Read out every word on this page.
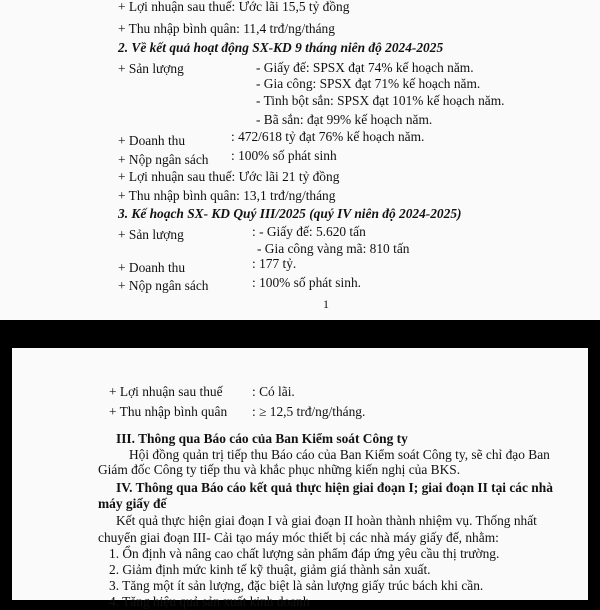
+ Lợi nhuận sau thuế: Ước lãi 15,5 tỷ đồng
+ Thu nhập bình quân: 11,4 trđ/ng/tháng
2. Về kết quả hoạt động SX-KD 9 tháng niên độ 2024-2025
+ Sản lượng	- Giấy đế: SPSX đạt 74% kế hoạch năm.
- Gia công: SPSX đạt 71% kế hoạch năm.
- Tinh bột sắn: SPSX đạt 101% kế hoạch năm.
- Bã sắn: đạt 99% kế hoạch năm.
+ Doanh thu	: 472/618 tỷ đạt 76% kế hoạch năm.
+ Nộp ngân sách : 100% số phát sinh
+ Lợi nhuận sau thuế: Ước lãi 21 tỷ đồng
+ Thu nhập bình quân: 13,1 trđ/ng/tháng
3. Kế hoạch SX- KD Quý III/2025 (quý IV niên độ 2024-2025)
+ Sản lượng	: - Giấy đế: 5.620 tấn
- Gia công vàng mã: 810 tấn
+ Doanh thu	: 177 tỷ.
+ Nộp ngân sách	: 100% số phát sinh.
1
+ Lợi nhuận sau thuế : Có lãi.
+ Thu nhập bình quân : ≥ 12,5 trđ/ng/tháng.
III. Thông qua Báo cáo của Ban Kiểm soát Công ty
Hội đồng quản trị tiếp thu Báo cáo của Ban Kiểm soát Công ty, sẽ chỉ đạo Ban
Giám đốc Công ty tiếp thu và khắc phục những kiến nghị của BKS.
IV. Thông qua Báo cáo kết quả thực hiện giai đoạn I; giai đoạn II tại các nhà
máy giấy đế
Kết quả thực hiện giai đoạn I và giai đoạn II hoàn thành nhiệm vụ. Thống nhất
chuyển giai đoạn III- Cải tạo máy móc thiết bị các nhà máy giấy đế, nhằm:
1. Ổn định và nâng cao chất lượng sản phẩm đáp ứng yêu cầu thị trường.
2. Giảm định mức kinh tế kỹ thuật, giảm giá thành sản xuất.
3. Tăng một ít sản lượng, đặc biệt là sản lượng giấy trúc bách khi cần.
4. Tăng hiệu quả sản xuất kinh doanh
